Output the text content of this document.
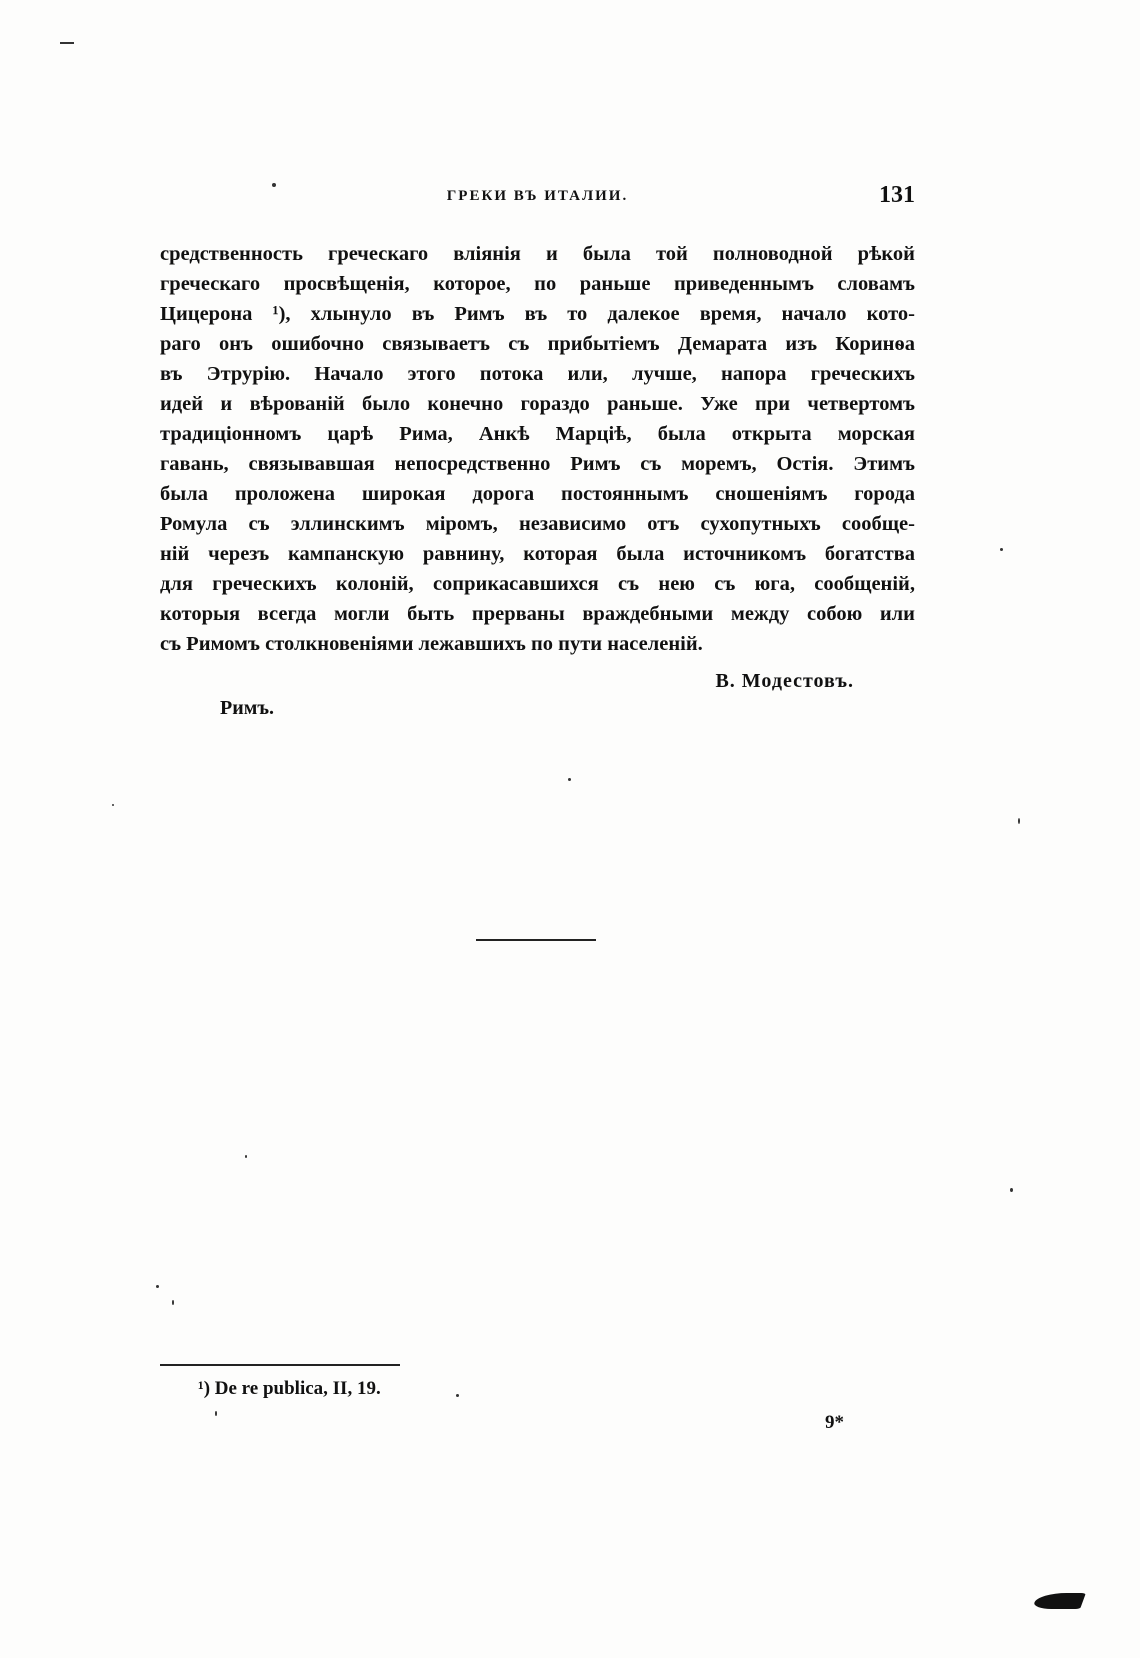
ГРЕКИ ВЪ ИТАЛИИ.	131

средственность греческаго вліянія и была той полноводной рѣкой
греческаго просвѣщенія, которое, по раньше приведеннымъ словамъ
Цицерона ¹), хлынуло въ Римъ въ то далекое время, начало кото-
раго онъ ошибочно связываетъ съ прибытіемъ Демарата изъ Коринѳа
въ Этрурію. Начало этого потока или, лучше, напора греческихъ
идей и вѣрованій было конечно гораздо раньше. Уже при четвертомъ
традиціонномъ царѣ Рима, Анкѣ Марціѣ, была открыта морская
гавань, связывавшая непосредственно Римъ съ моремъ, Остія. Этимъ
была проложена широкая дорога постояннымъ сношеніямъ города
Ромула съ эллинскимъ міромъ, независимо отъ сухопутныхъ сообще-
ній черезъ кампанскую равнину, которая была источникомъ богатства
для греческихъ колоній, соприкасавшихся съ нею съ юга, сообщеній,
которыя всегда могли быть прерваны враждебными между собою или
съ Римомъ столкновеніями лежавшихъ по пути населеній.

В. Модестовъ.
Римъ.
¹) De re publica, II, 19.
9*
